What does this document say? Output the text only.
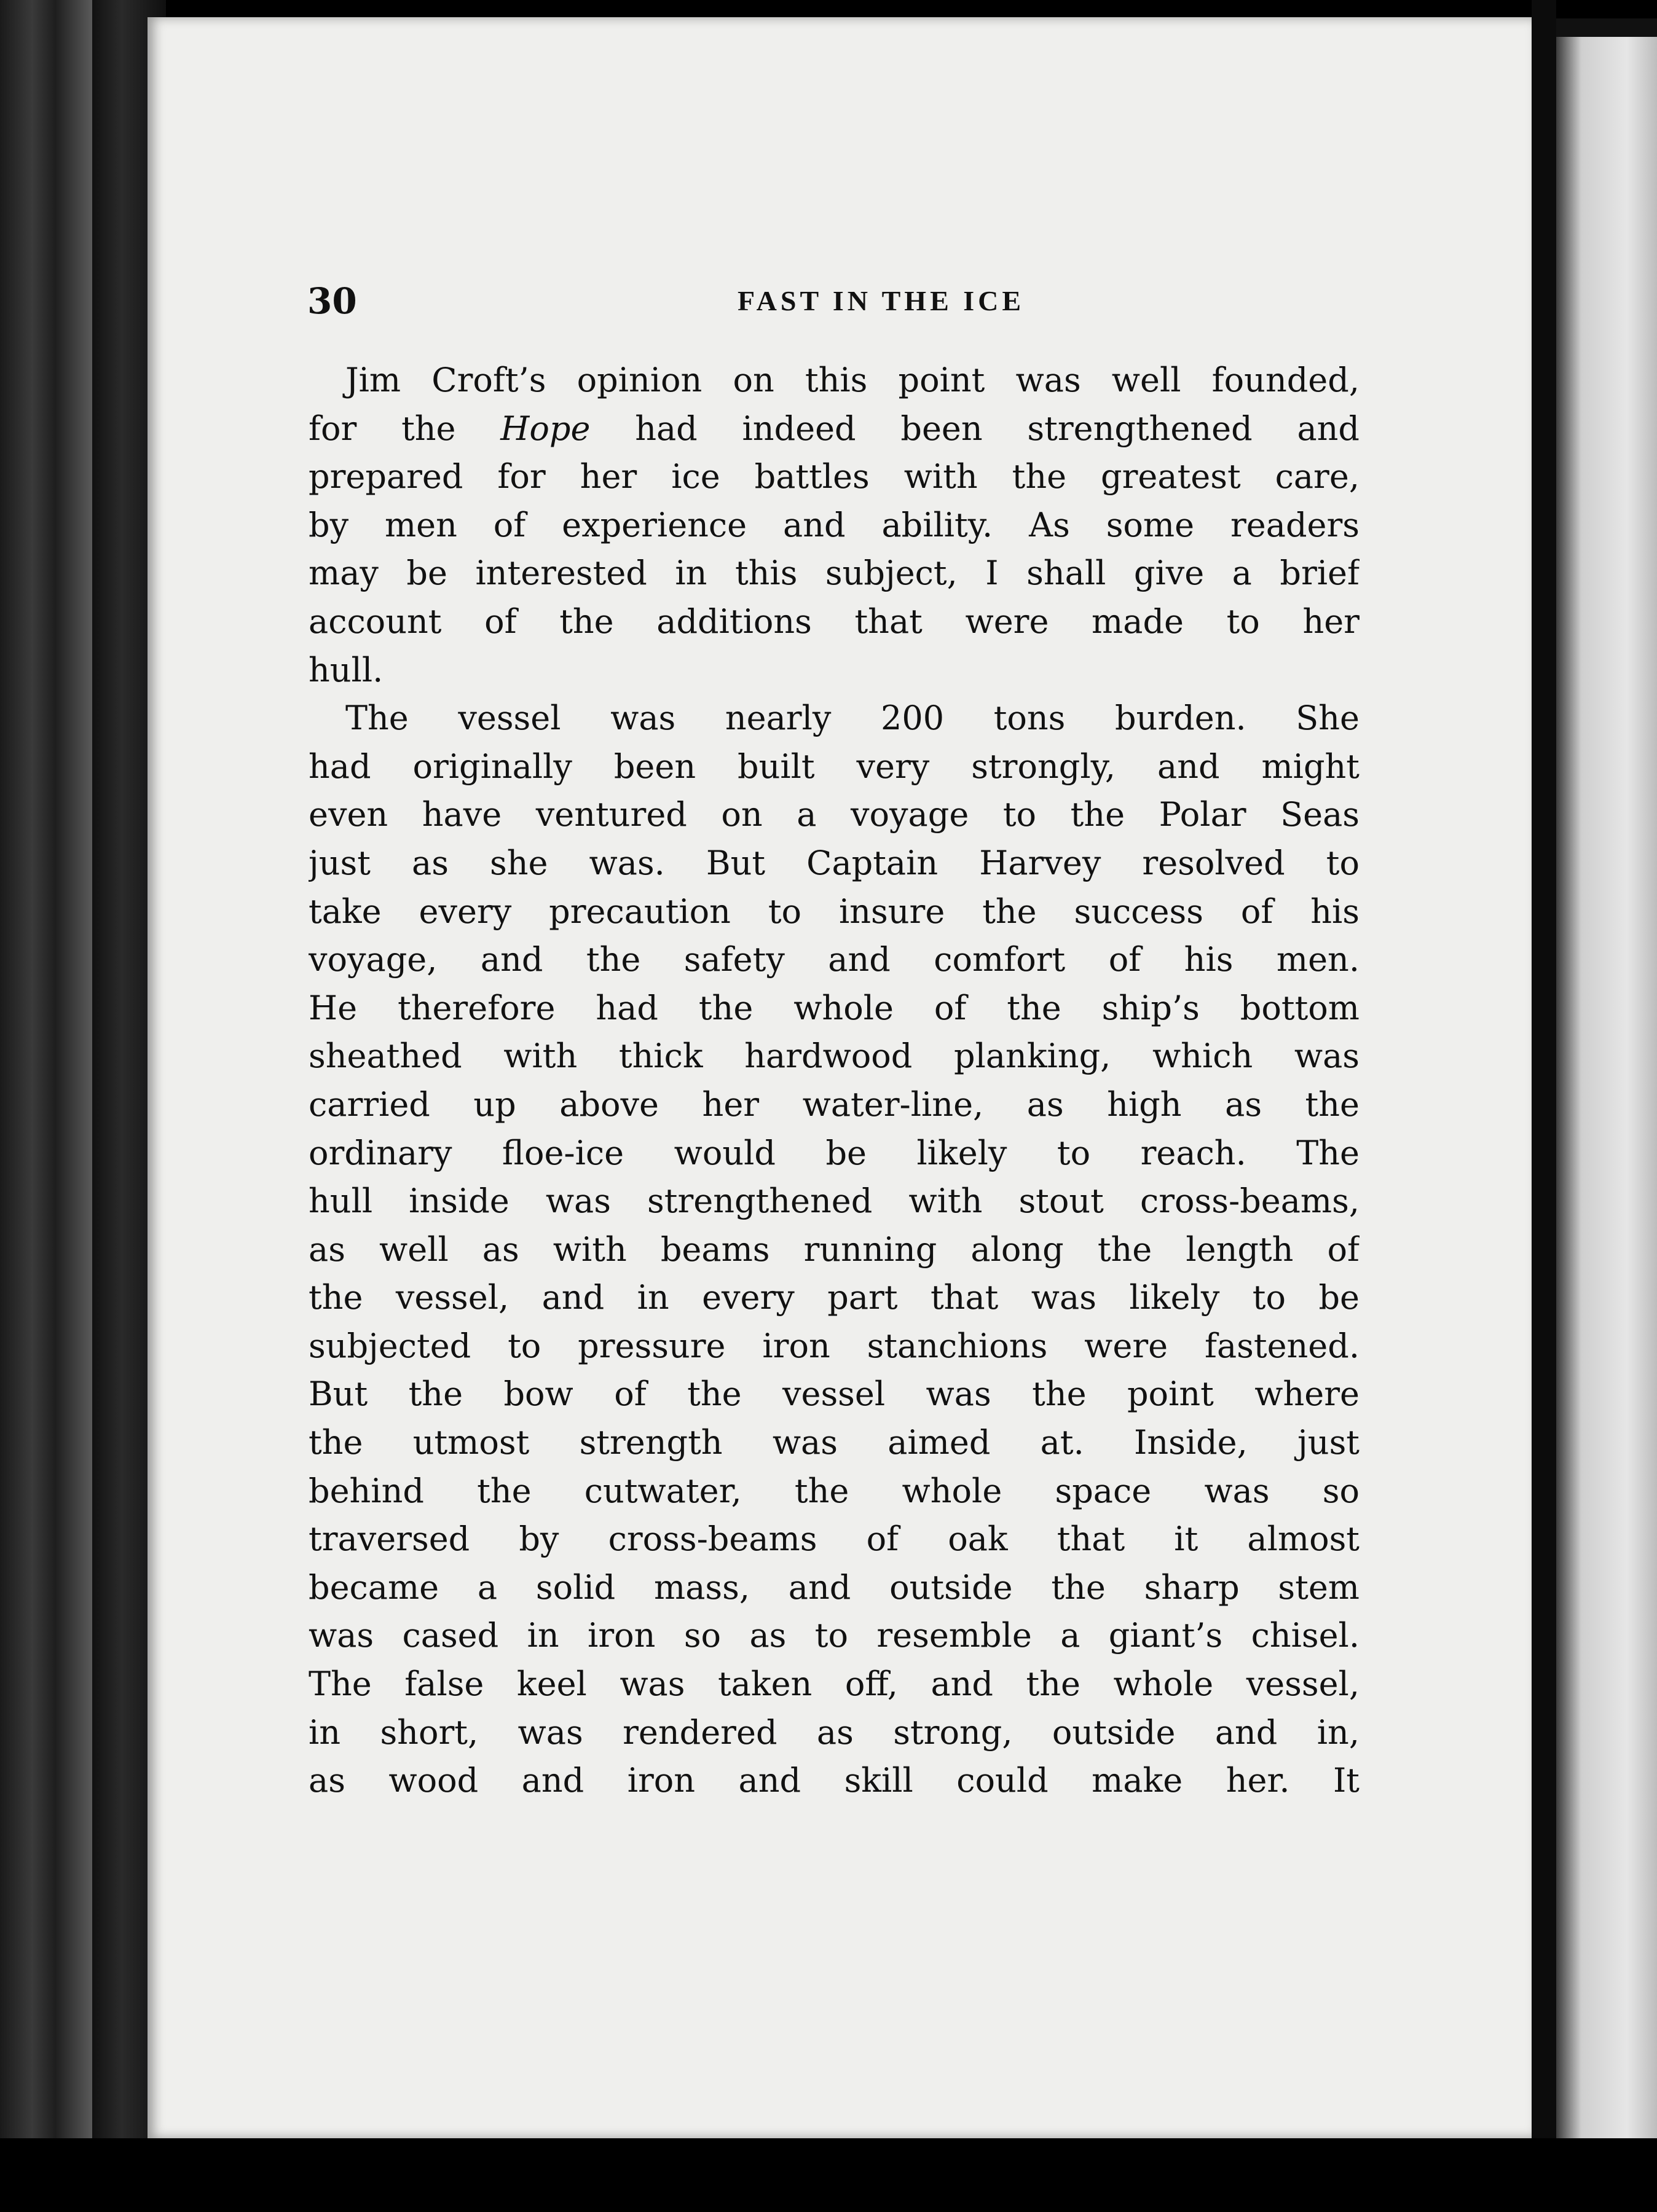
30	FAST IN THE ICE
Jim Croft’s opinion on this point was well founded,
for the Hope had indeed been strengthened and
prepared for her ice battles with the greatest care,
by men of experience and ability. As some readers
may be interested in this subject, I shall give a brief
account of the additions that were made to her
hull.
The vessel was nearly 200 tons burden. She
had originally been built very strongly, and might
even have ventured on a voyage to the Polar Seas
just as she was. But Captain Harvey resolved to
take every precaution to insure the success of his
voyage, and the safety and comfort of his men.
He therefore had the whole of the ship’s bottom
sheathed with thick hardwood planking, which was
carried up above her water-line, as high as the
ordinary floe-ice would be likely to reach. The
hull inside was strengthened with stout cross-beams,
as well as with beams running along the length of
the vessel, and in every part that was likely to be
subjected to pressure iron stanchions were fastened.
But the bow of the vessel was the point where
the utmost strength was aimed at. Inside, just
behind the cutwater, the whole space was so
traversed by cross-beams of oak that it almost
became a solid mass, and outside the sharp stem
was cased in iron so as to resemble a giant’s chisel.
The false keel was taken off, and the whole vessel,
in short, was rendered as strong, outside and in,
as wood and iron and skill could make her. It
